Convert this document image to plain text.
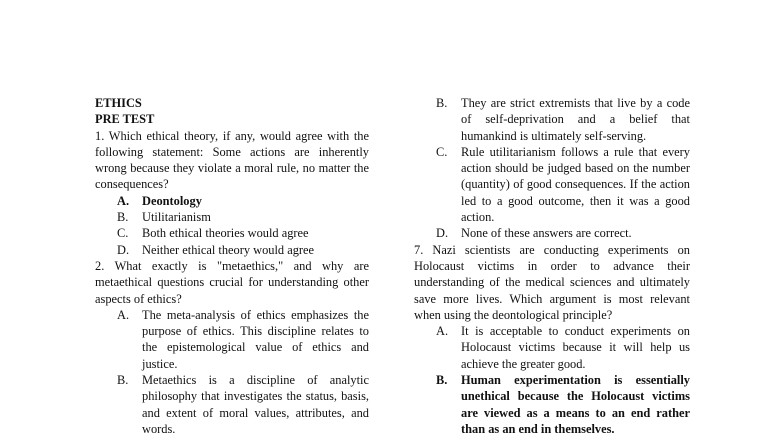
ETHICS

PRE TEST

1. Which ethical theory, if any, would agree with the following statement: Some actions are inherently wrong because they violate a moral rule, no matter the consequences?

A.	Deontology
B.	Utilitarianism
C.	Both ethical theories would agree
D.	Neither ethical theory would agree

2. What exactly is "metaethics," and why are metaethical questions crucial for understanding other aspects of ethics?

A.	The meta-analysis of ethics emphasizes the purpose of ethics. This discipline relates to the epistemological value of ethics and justice.
B.	Metaethics is a discipline of analytic philosophy that investigates the status, basis, and extent of moral values, attributes, and words.
B.	They are strict extremists that live by a code of self-deprivation and a belief that humankind is ultimately self-serving.
C.	Rule utilitarianism follows a rule that every action should be judged based on the number (quantity) of good consequences. If the action led to a good outcome, then it was a good action.
D.	None of these answers are correct.

7. Nazi scientists are conducting experiments on Holocaust victims in order to advance their understanding of the medical sciences and ultimately save more lives. Which argument is most relevant when using the deontological principle?

A.	It is acceptable to conduct experiments on Holocaust victims because it will help us achieve the greater good.
B.	Human experimentation is essentially unethical because the Holocaust victims are viewed as a means to an end rather than as an end in themselves.
